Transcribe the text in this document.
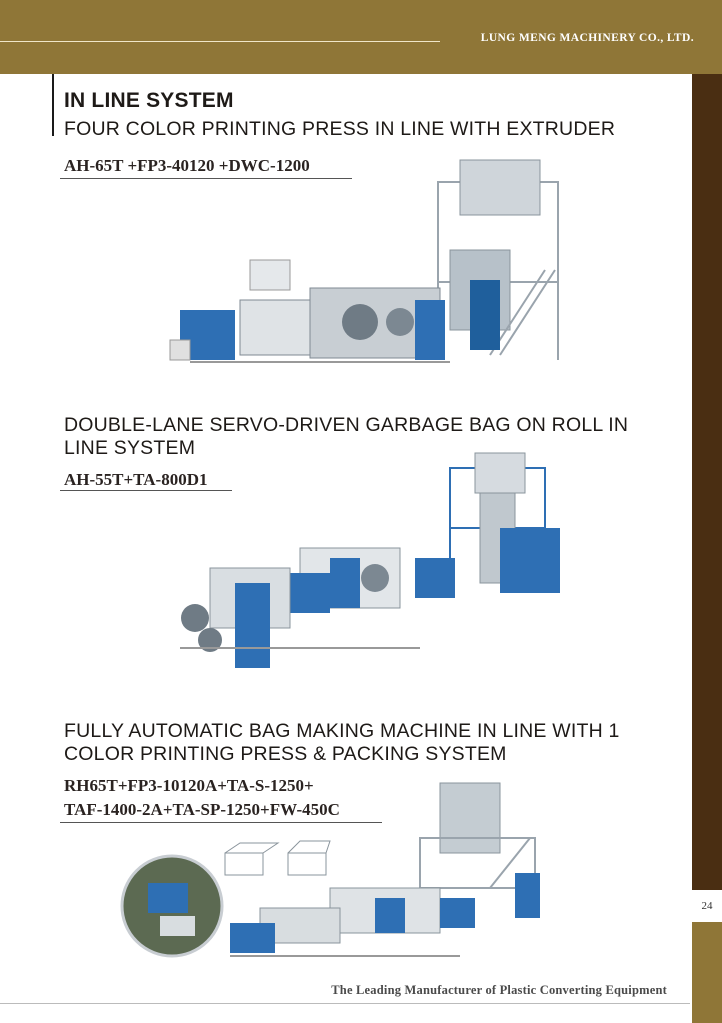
LUNG MENG MACHINERY CO., LTD.
24
IN LINE SYSTEM
FOUR COLOR PRINTING PRESS IN LINE WITH EXTRUDER
AH-65T +FP3-40120 +DWC-1200
DOUBLE-LANE SERVO-DRIVEN GARBAGE BAG ON ROLL IN
LINE SYSTEM
AH-55T+TA-800D1
FULLY AUTOMATIC BAG MAKING MACHINE IN LINE WITH 1
COLOR PRINTING PRESS & PACKING SYSTEM
RH65T+FP3-10120A+TA-S-1250+
TAF-1400-2A+TA-SP-1250+FW-450C
The Leading Manufacturer of Plastic Converting Equipment
